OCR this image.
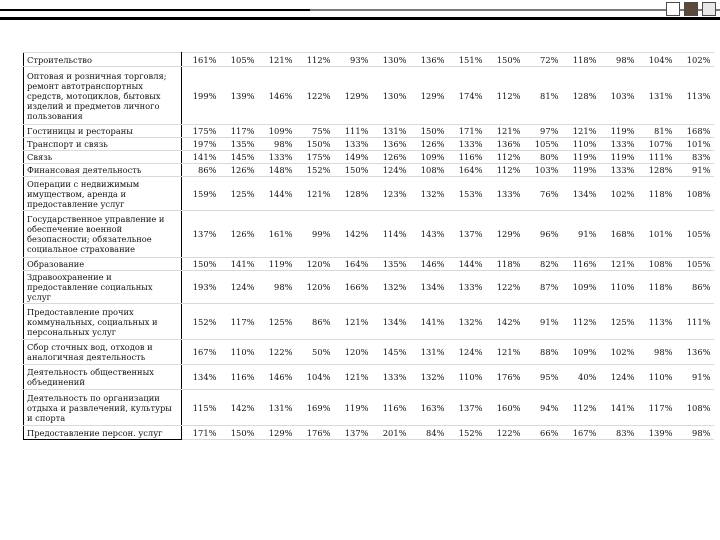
Строительство	161%	105%	121%	112%	93%	130%	136%	151%	150%	72%	118%	98%	104%	102%
Оптовая и розничная торговля; ремонт автотранспортных средств, мотоциклов, бытовых изделий и предметов личного пользования	199%	139%	146%	122%	129%	130%	129%	174%	112%	81%	128%	103%	131%	113%
Гостиницы и рестораны	175%	117%	109%	75%	111%	131%	150%	171%	121%	97%	121%	119%	81%	168%
Транспорт и связь	197%	135%	98%	150%	133%	136%	126%	133%	136%	105%	110%	133%	107%	101%
Связь	141%	145%	133%	175%	149%	126%	109%	116%	112%	80%	119%	119%	111%	83%
Финансовая деятельность	86%	126%	148%	152%	150%	124%	108%	164%	112%	103%	119%	133%	128%	91%
Операции с недвижимым имуществом, аренда и предоставление услуг	159%	125%	144%	121%	128%	123%	132%	153%	133%	76%	134%	102%	118%	108%
Государственное управление и обеспечение военной безопасности; обязательное социальное страхование	137%	126%	161%	99%	142%	114%	143%	137%	129%	96%	91%	168%	101%	105%
Образование	150%	141%	119%	120%	164%	135%	146%	144%	118%	82%	116%	121%	108%	105%
Здравоохранение и предоставление социальных услуг	193%	124%	98%	120%	166%	132%	134%	133%	122%	87%	109%	110%	118%	86%
Предоставление прочих коммунальных, социальных и персональных услуг	152%	117%	125%	86%	121%	134%	141%	132%	142%	91%	112%	125%	113%	111%
Сбор сточных вод, отходов и аналогичная деятельность	167%	110%	122%	50%	120%	145%	131%	124%	121%	88%	109%	102%	98%	136%
Деятельность общественных объединений	134%	116%	146%	104%	121%	133%	132%	110%	176%	95%	40%	124%	110%	91%
Деятельность по организации отдыха и развлечений, культуры и спорта	115%	142%	131%	169%	119%	116%	163%	137%	160%	94%	112%	141%	117%	108%
Предоставление персон. услуг	171%	150%	129%	176%	137%	201%	84%	152%	122%	66%	167%	83%	139%	98%
